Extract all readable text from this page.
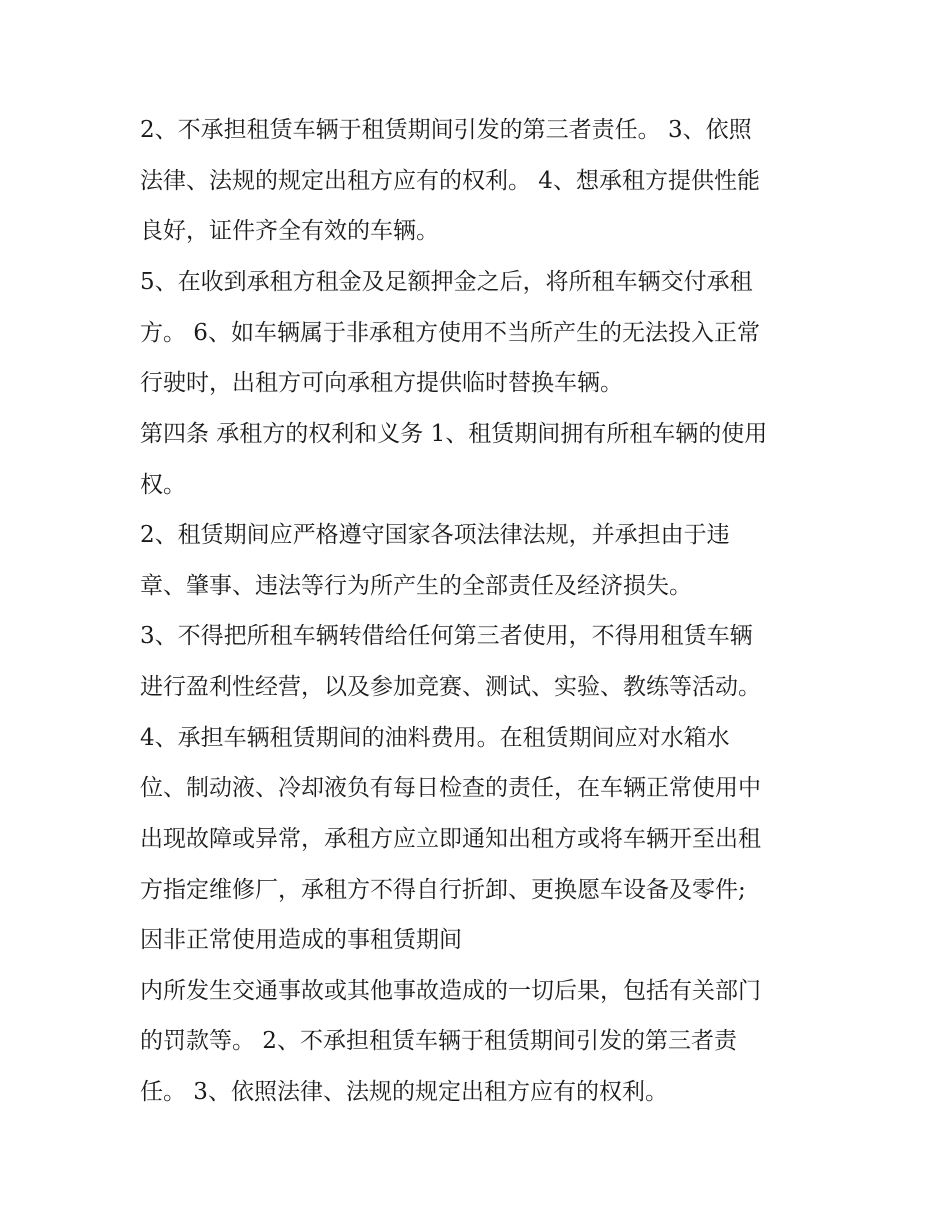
2、不承担租赁车辆于租赁期间引发的第三者责任。 3、依照

法律、法规的规定出租方应有的权利。 4、想承租方提供性能

良好，证件齐全有效的车辆。

5、在收到承租方租金及足额押金之后，将所租车辆交付承租

方。 6、如车辆属于非承租方使用不当所产生的无法投入正常

行驶时，出租方可向承租方提供临时替换车辆。

第四条 承租方的权利和义务 1、租赁期间拥有所租车辆的使用

权。

2、租赁期间应严格遵守国家各项法律法规，并承担由于违

章、肇事、违法等行为所产生的全部责任及经济损失。

3、不得把所租车辆转借给任何第三者使用，不得用租赁车辆

进行盈利性经营，以及参加竞赛、测试、实验、教练等活动。

4、承担车辆租赁期间的油料费用。在租赁期间应对水箱水

位、制动液、冷却液负有每日检查的责任，在车辆正常使用中

出现故障或异常，承租方应立即通知出租方或将车辆开至出租

方指定维修厂，承租方不得自行折卸、更换愿车设备及零件;

因非正常使用造成的事租赁期间

内所发生交通事故或其他事故造成的一切后果，包括有关部门

的罚款等。 2、不承担租赁车辆于租赁期间引发的第三者责

任。 3、依照法律、法规的规定出租方应有的权利。
